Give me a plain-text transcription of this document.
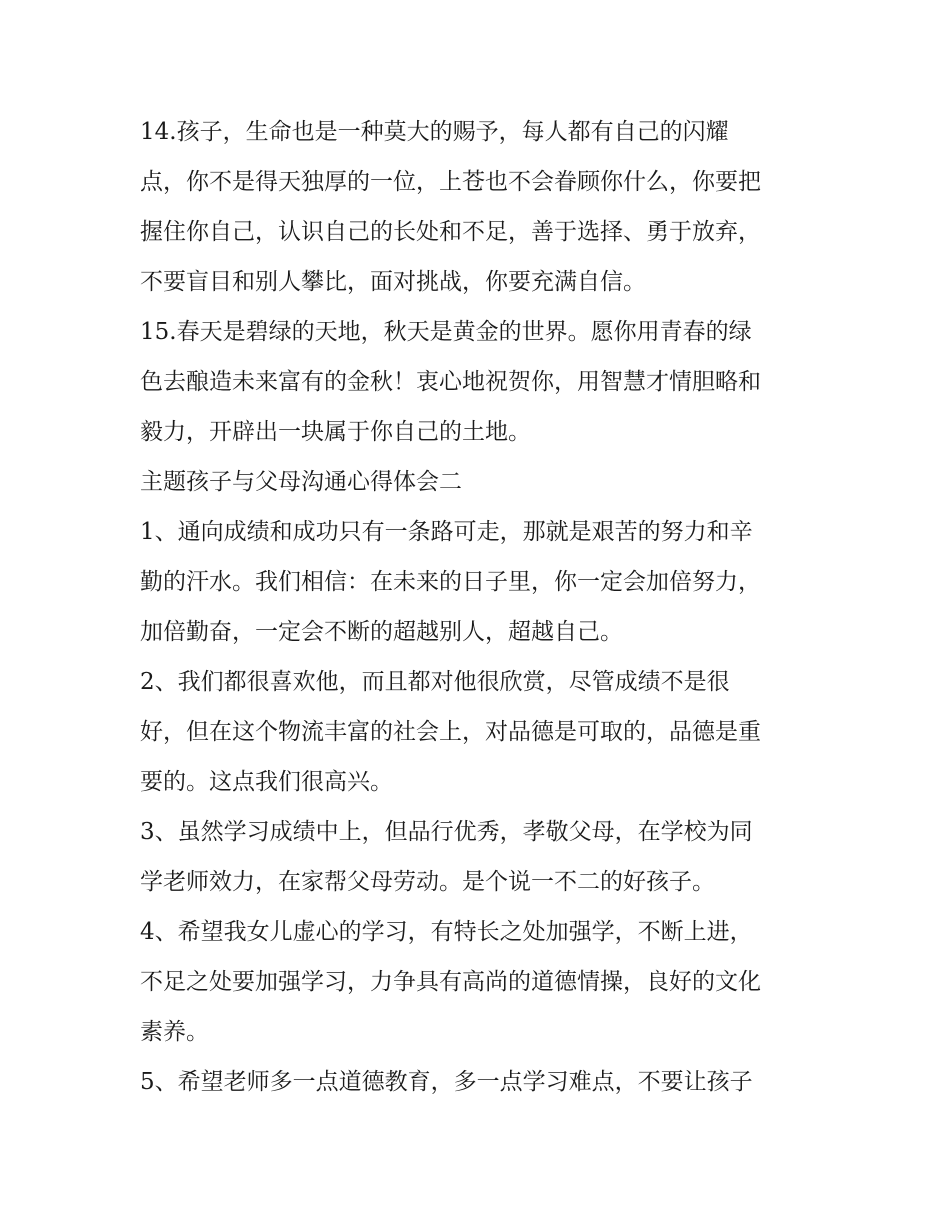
14.孩子，生命也是一种莫大的赐予，每人都有自己的闪耀
点，你不是得天独厚的一位，上苍也不会眷顾你什么，你要把
握住你自己，认识自己的长处和不足，善于选择、勇于放弃，
不要盲目和别人攀比，面对挑战，你要充满自信。
15.春天是碧绿的天地，秋天是黄金的世界。愿你用青春的绿
色去酿造未来富有的金秋！衷心地祝贺你，用智慧才情胆略和
毅力，开辟出一块属于你自己的土地。
主题孩子与父母沟通心得体会二
1、通向成绩和成功只有一条路可走，那就是艰苦的努力和辛
勤的汗水。我们相信：在未来的日子里，你一定会加倍努力，
加倍勤奋，一定会不断的超越别人，超越自己。
2、我们都很喜欢他，而且都对他很欣赏，尽管成绩不是很
好，但在这个物流丰富的社会上，对品德是可取的，品德是重
要的。这点我们很高兴。
3、虽然学习成绩中上，但品行优秀，孝敬父母，在学校为同
学老师效力，在家帮父母劳动。是个说一不二的好孩子。
4、希望我女儿虚心的学习，有特长之处加强学，不断上进，
不足之处要加强学习，力争具有高尚的道德情操，良好的文化
素养。
5、希望老师多一点道德教育，多一点学习难点，不要让孩子
